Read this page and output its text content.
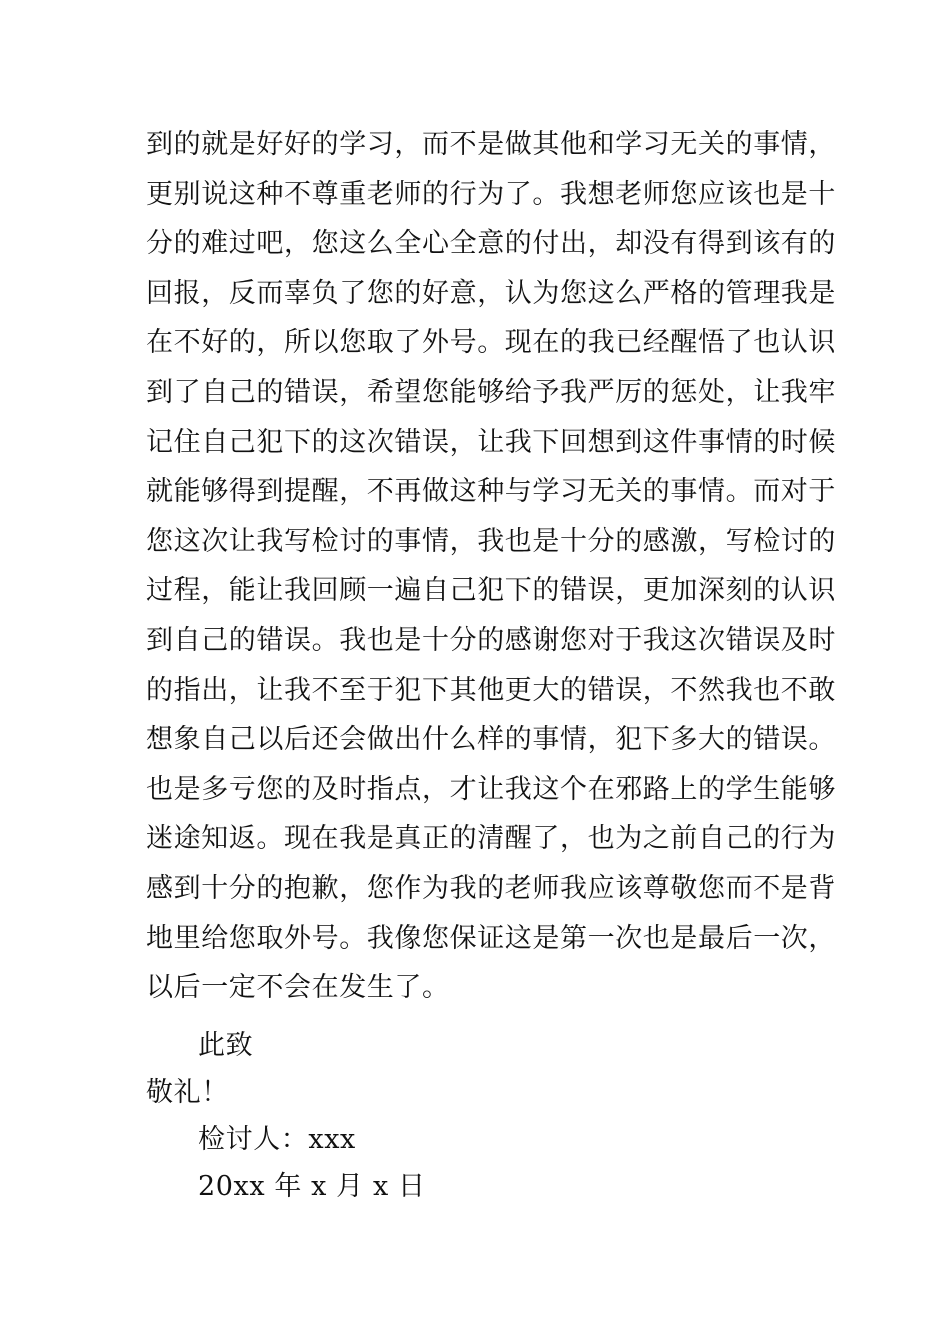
到的就是好好的学习，而不是做其他和学习无关的事情，

更别说这种不尊重老师的行为了。我想老师您应该也是十

分的难过吧，您这么全心全意的付出，却没有得到该有的

回报，反而辜负了您的好意，认为您这么严格的管理我是

在不好的，所以您取了外号。现在的我已经醒悟了也认识

到了自己的错误，希望您能够给予我严厉的惩处，让我牢

记住自己犯下的这次错误，让我下回想到这件事情的时候

就能够得到提醒，不再做这种与学习无关的事情。而对于

您这次让我写检讨的事情，我也是十分的感激，写检讨的

过程，能让我回顾一遍自己犯下的错误，更加深刻的认识

到自己的错误。我也是十分的感谢您对于我这次错误及时

的指出，让我不至于犯下其他更大的错误，不然我也不敢

想象自己以后还会做出什么样的事情，犯下多大的错误。

也是多亏您的及时指点，才让我这个在邪路上的学生能够

迷途知返。现在我是真正的清醒了，也为之前自己的行为

感到十分的抱歉，您作为我的老师我应该尊敬您而不是背

地里给您取外号。我像您保证这是第一次也是最后一次，

以后一定不会在发生了。

此致

敬礼！

检讨人：xxx

20xx 年 x 月 x 日
